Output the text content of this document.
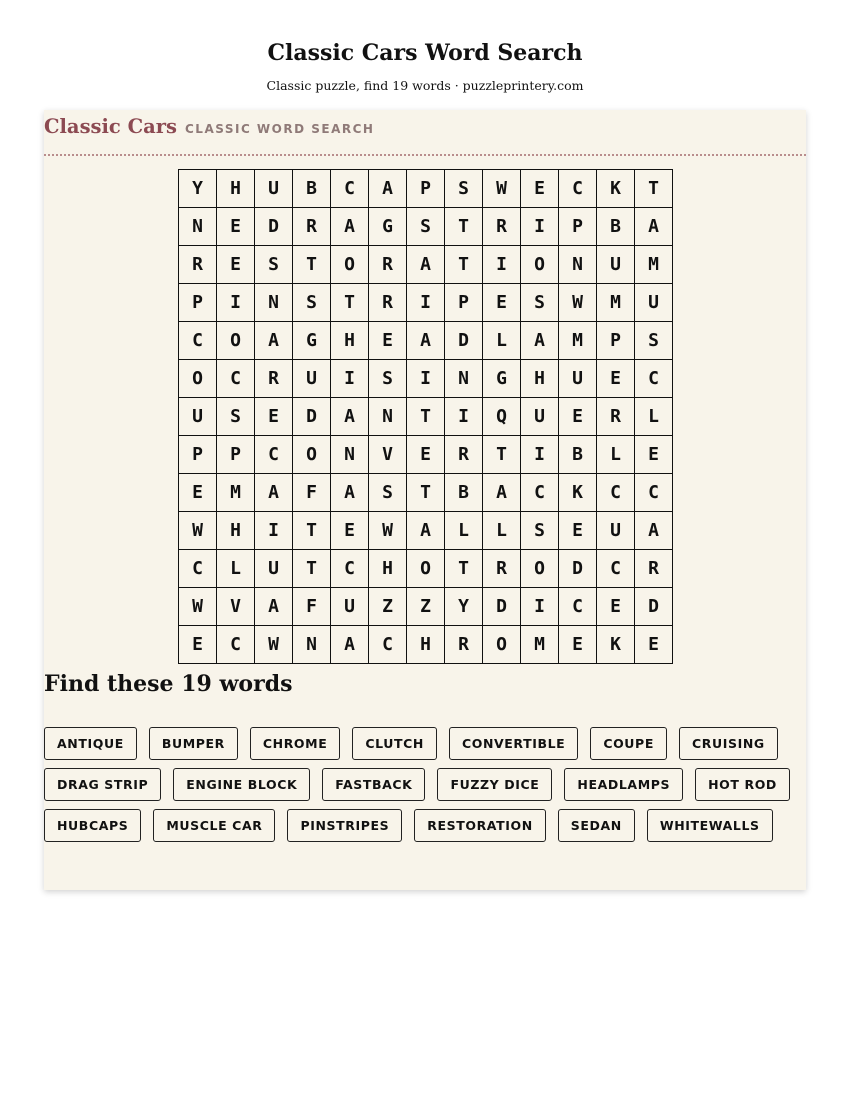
Classic Cars Word Search
Classic puzzle, find 19 words · puzzleprintery.com
Classic Cars CLASSIC WORD SEARCH
Y	H	U	B	C	A	P	S	W	E	C	K	T
N	E	D	R	A	G	S	T	R	I	P	B	A
R	E	S	T	O	R	A	T	I	O	N	U	M
P	I	N	S	T	R	I	P	E	S	W	M	U
C	O	A	G	H	E	A	D	L	A	M	P	S
O	C	R	U	I	S	I	N	G	H	U	E	C
U	S	E	D	A	N	T	I	Q	U	E	R	L
P	P	C	O	N	V	E	R	T	I	B	L	E
E	M	A	F	A	S	T	B	A	C	K	C	C
W	H	I	T	E	W	A	L	L	S	E	U	A
C	L	U	T	C	H	O	T	R	O	D	C	R
W	V	A	F	U	Z	Z	Y	D	I	C	E	D
E	C	W	N	A	C	H	R	O	M	E	K	E
Find these 19 words
ANTIQUE	BUMPER	CHROME	CLUTCH	CONVERTIBLE	COUPE	CRUISING
DRAG STRIP	ENGINE BLOCK	FASTBACK	FUZZY DICE	HEADLAMPS	HOT ROD
HUBCAPS	MUSCLE CAR	PINSTRIPES	RESTORATION	SEDAN	WHITEWALLS
